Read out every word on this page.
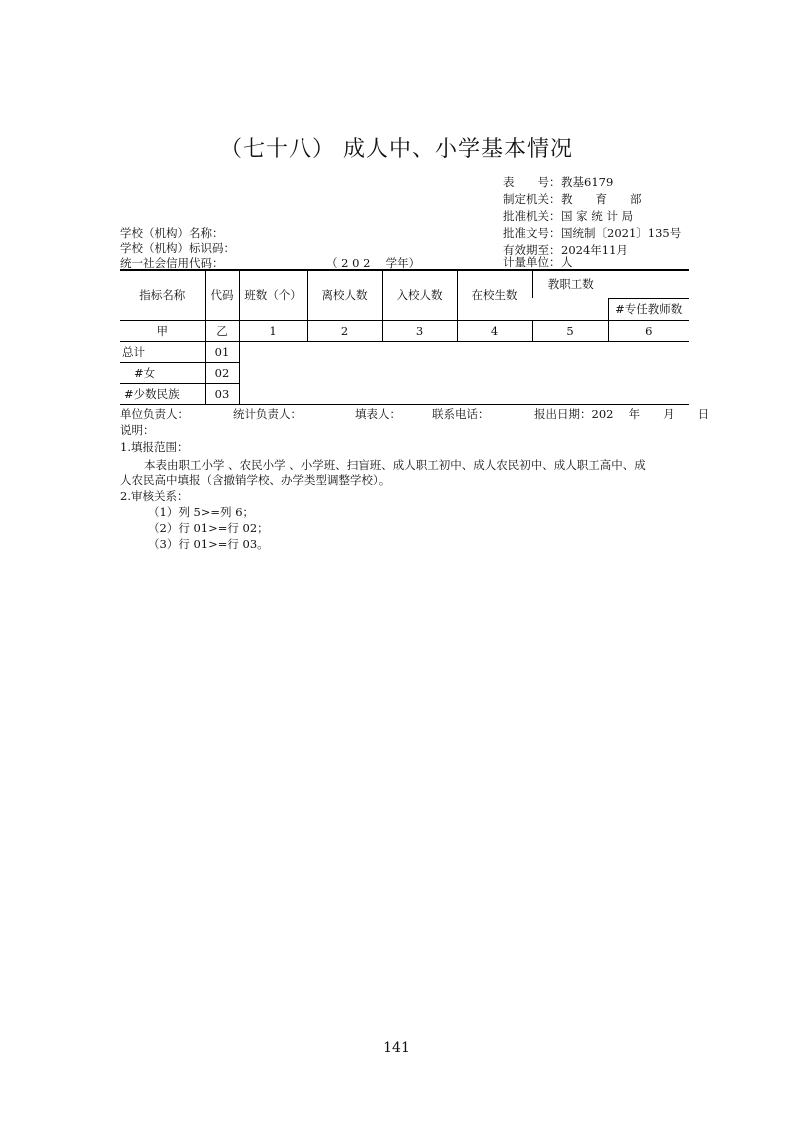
（七十八） 成人中、小学基本情况
表　　号：教基6179
制定机关：教　　育　　部
批准机关：国 家 统 计 局
批准文号：国统制〔2021〕135号
有效期至：2024年11月
计量单位：人
学校（机构）名称：
学校（机构）标识码：
统一社会信用代码：	（ 2 0 2 　学年）
指标名称	代码	班数（个）	离校人数	入校人数	在校生数	教职工数	
							#专任教师数
甲	乙	1	2	3	4	5	6
总计	01						
#女	02						
#少数民族	03						
单位负责人：	统计负责人：	填表人：	联系电话：	报出日期：202　 年　　月　　日
说明：
1.填报范围：
本表由职工小学 、农民小学 、小学班、扫盲班、成人职工初中、成人农民初中、成人职工高中、成
人农民高中填报（含撤销学校、办学类型调整学校）。
2.审核关系：
（1）列 5>=列 6；
（2）行 01>=行 02；
（3）行 01>=行 03。
141
